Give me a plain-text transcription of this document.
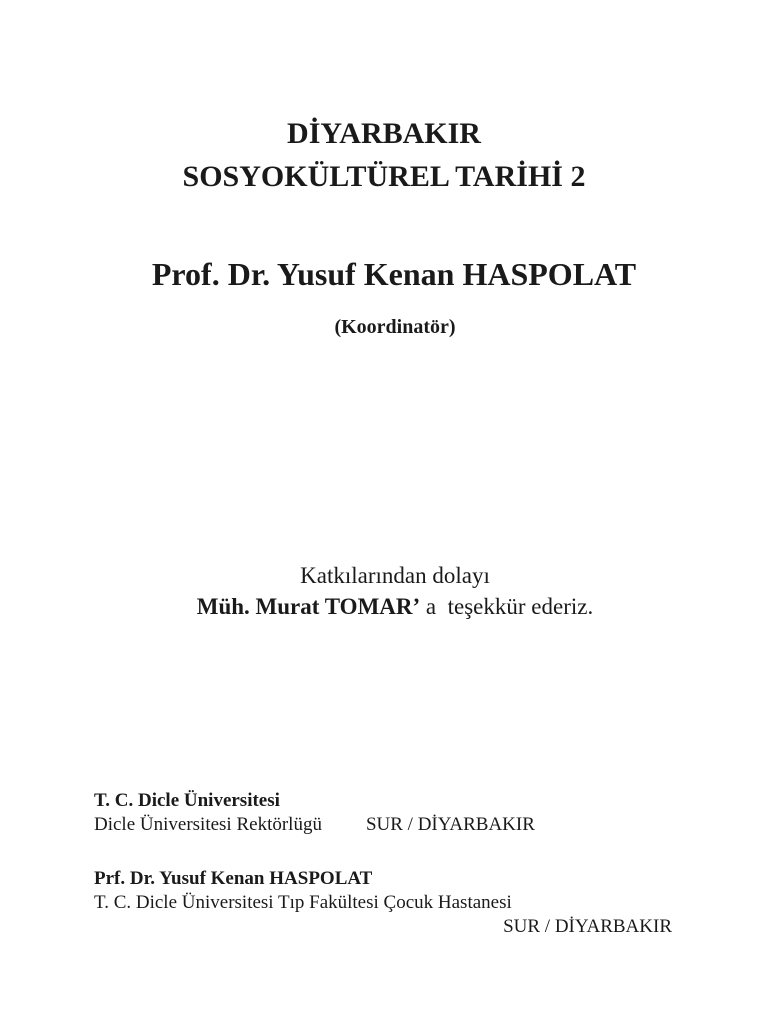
DİYARBAKIR
SOSYOKÜLTÜREL TARİHİ 2
Prof. Dr. Yusuf Kenan HASPOLAT
(Koordinatör)
Katkılarından dolayı
Müh. Murat TOMAR’ a  teşekkür ederiz.
T. C. Dicle Üniversitesi
Dicle Üniversitesi Rektörlügü SUR / DİYARBAKIR
Prf. Dr. Yusuf Kenan HASPOLAT
T. C. Dicle Üniversitesi Tıp Fakültesi Çocuk Hastanesi
SUR / DİYARBAKIR
